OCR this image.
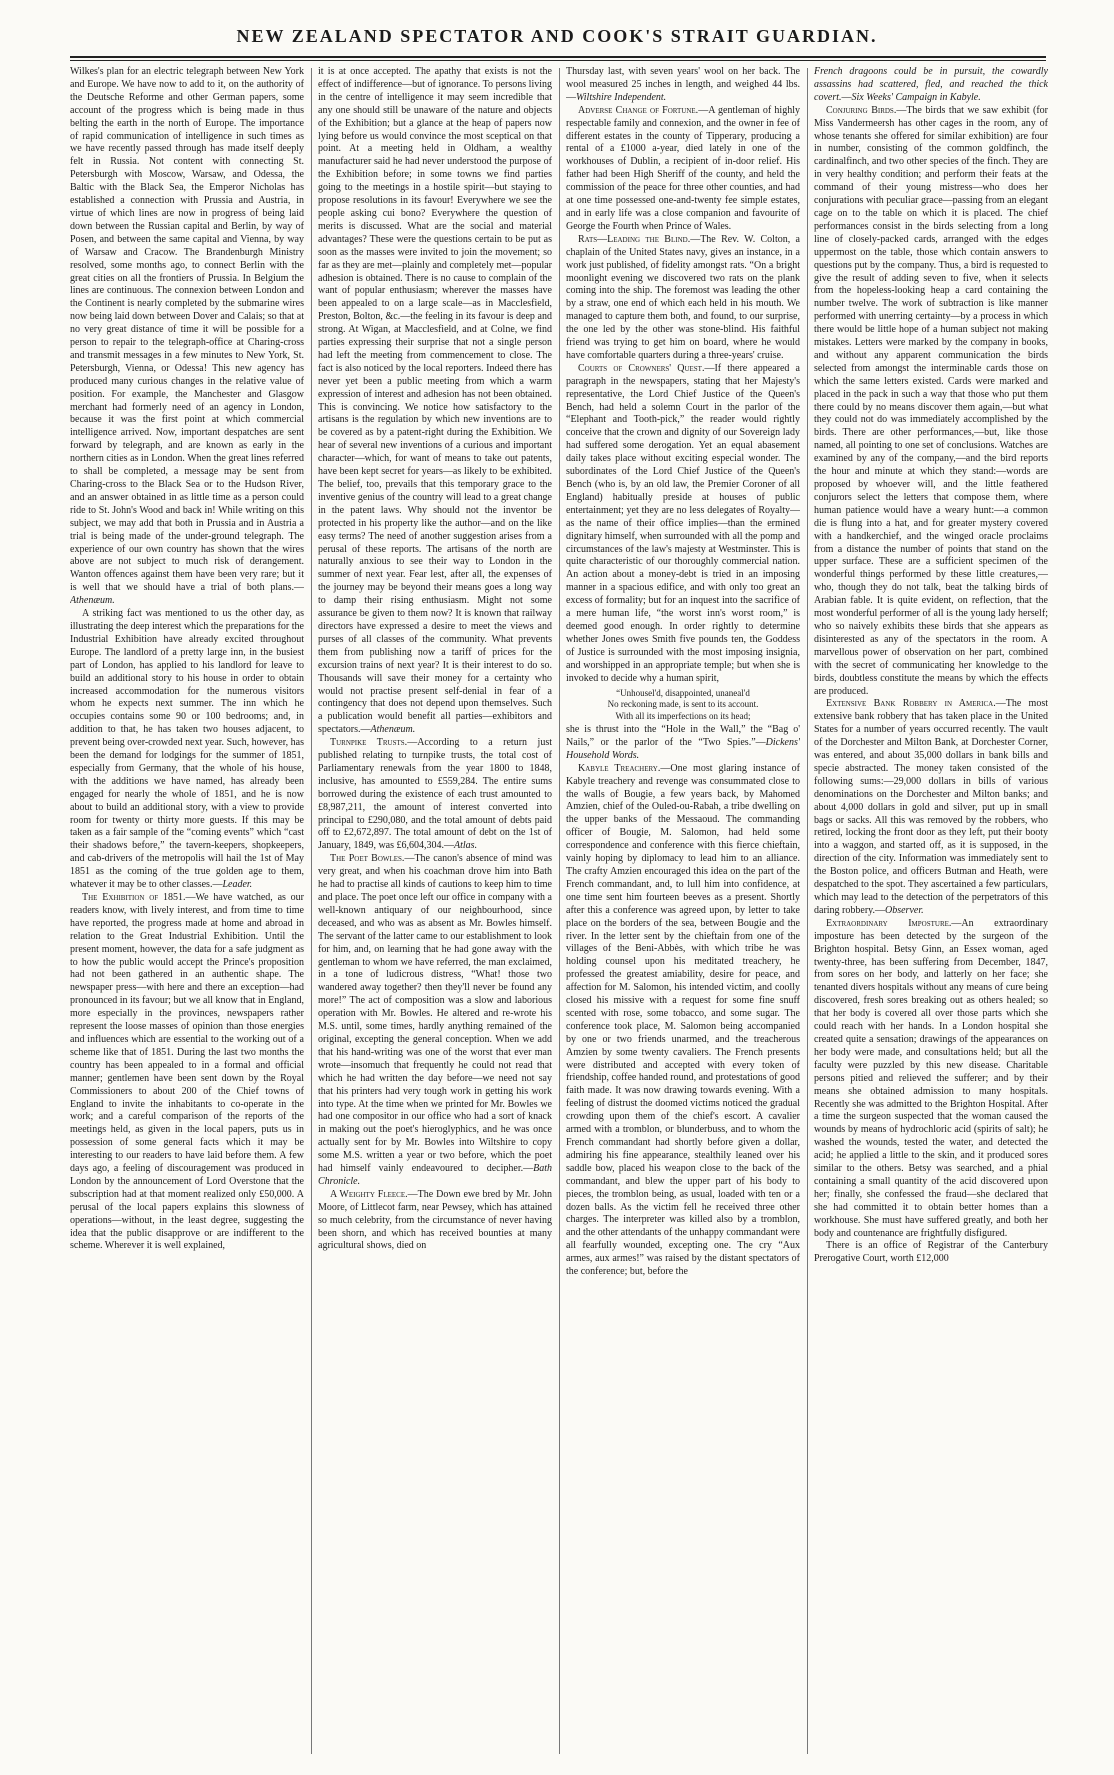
NEW ZEALAND SPECTATOR AND COOK'S STRAIT GUARDIAN.

Wilkes's plan for an electric telegraph between New York and Europe. We have now to add to it, on the authority of the Deutsche Reforme and other German papers, some account of the progress which is being made in thus belting the earth in the north of Europe. The importance of rapid communication of intelligence in such times as we have recently passed through has made itself deeply felt in Russia. Not content with connecting St. Petersburgh with Moscow, Warsaw, and Odessa, the Baltic with the Black Sea, the Emperor Nicholas has established a connection with Prussia and Austria, in virtue of which lines are now in progress of being laid down between the Russian capital and Berlin, by way of Posen, and between the same capital and Vienna, by way of Warsaw and Cracow. The Brandenburgh Ministry resolved, some months ago, to connect Berlin with the great cities on all the frontiers of Prussia. In Belgium the lines are continuous. The connexion between London and the Continent is nearly completed by the submarine wires now being laid down between Dover and Calais; so that at no very great distance of time it will be possible for a person to repair to the telegraph-office at Charing-cross and transmit messages in a few minutes to New York, St. Petersburgh, Vienna, or Odessa! This new agency has produced many curious changes in the relative value of position. For example, the Manchester and Glasgow merchant had formerly need of an agency in London, because it was the first point at which commercial intelligence arrived. Now, important despatches are sent forward by telegraph, and are known as early in the northern cities as in London. When the great lines referred to shall be completed, a message may be sent from Charing-cross to the Black Sea or to the Hudson River, and an answer obtained in as little time as a person could ride to St. John's Wood and back in! While writing on this subject, we may add that both in Prussia and in Austria a trial is being made of the under-ground telegraph. The experience of our own country has shown that the wires above are not subject to much risk of derangement. Wanton offences against them have been very rare; but it is well that we should have a trial of both plans.—Athenæum.

A striking fact was mentioned to us the other day, as illustrating the deep interest which the preparations for the Industrial Exhibition have already excited throughout Europe. The landlord of a pretty large inn, in the busiest part of London, has applied to his landlord for leave to build an additional story to his house in order to obtain increased accommodation for the numerous visitors whom he expects next summer. The inn which he occupies contains some 90 or 100 bedrooms; and, in addition to that, he has taken two houses adjacent, to prevent being over-crowded next year. Such, however, has been the demand for lodgings for the summer of 1851, especially from Germany, that the whole of his house, with the additions we have named, has already been engaged for nearly the whole of 1851, and he is now about to build an additional story, with a view to provide room for twenty or thirty more guests. If this may be taken as a fair sample of the “coming events” which “cast their shadows before,” the tavern-keepers, shopkeepers, and cab-drivers of the metropolis will hail the 1st of May 1851 as the coming of the true golden age to them, whatever it may be to other classes.—Leader.

The Exhibition of 1851.—We have watched, as our readers know, with lively interest, and from time to time have reported, the progress made at home and abroad in relation to the Great Industrial Exhibition. Until the present moment, however, the data for a safe judgment as to how the public would accept the Prince's proposition had not been gathered in an authentic shape. The newspaper press—with here and there an exception—had pronounced in its favour; but we all know that in England, more especially in the provinces, newspapers rather represent the loose masses of opinion than those energies and influences which are essential to the working out of a scheme like that of 1851. During the last two months the country has been appealed to in a formal and official manner; gentlemen have been sent down by the Royal Commissioners to about 200 of the Chief towns of England to invite the inhabitants to co-operate in the work; and a careful comparison of the reports of the meetings held, as given in the local papers, puts us in possession of some general facts which it may be interesting to our readers to have laid before them. A few days ago, a feeling of discouragement was produced in London by the announcement of Lord Overstone that the subscription had at that moment realized only £50,000. A perusal of the local papers explains this slowness of operations—without, in the least degree, suggesting the idea that the public disapprove or are indifferent to the scheme. Wherever it is well explained,

it is at once accepted. The apathy that exists is not the effect of indifference—but of ignorance. To persons living in the centre of intelligence it may seem incredible that any one should still be unaware of the nature and objects of the Exhibition; but a glance at the heap of papers now lying before us would convince the most sceptical on that point. At a meeting held in Oldham, a wealthy manufacturer said he had never understood the purpose of the Exhibition before; in some towns we find parties going to the meetings in a hostile spirit—but staying to propose resolutions in its favour! Everywhere we see the people asking cui bono? Everywhere the question of merits is discussed. What are the social and material advantages? These were the questions certain to be put as soon as the masses were invited to join the movement; so far as they are met—plainly and completely met—popular adhesion is obtained. There is no cause to complain of the want of popular enthusiasm; wherever the masses have been appealed to on a large scale—as in Macclesfield, Preston, Bolton, &c.—the feeling in its favour is deep and strong. At Wigan, at Macclesfield, and at Colne, we find parties expressing their surprise that not a single person had left the meeting from commencement to close. The fact is also noticed by the local reporters. Indeed there has never yet been a public meeting from which a warm expression of interest and adhesion has not been obtained. This is convincing. We notice how satisfactory to the artisans is the regulation by which new inventions are to be covered as by a patent-right during the Exhibition. We hear of several new inventions of a curious and important character—which, for want of means to take out patents, have been kept secret for years—as likely to be exhibited. The belief, too, prevails that this temporary grace to the inventive genius of the country will lead to a great change in the patent laws. Why should not the inventor be protected in his property like the author—and on the like easy terms? The need of another suggestion arises from a perusal of these reports. The artisans of the north are naturally anxious to see their way to London in the summer of next year. Fear lest, after all, the expenses of the journey may be beyond their means goes a long way to damp their rising enthusiasm. Might not some assurance be given to them now? It is known that railway directors have expressed a desire to meet the views and purses of all classes of the community. What prevents them from publishing now a tariff of prices for the excursion trains of next year? It is their interest to do so. Thousands will save their money for a certainty who would not practise present self-denial in fear of a contingency that does not depend upon themselves. Such a publication would benefit all parties—exhibitors and spectators.—Athenæum.

Turnpike Trusts.—According to a return just published relating to turnpike trusts, the total cost of Parliamentary renewals from the year 1800 to 1848, inclusive, has amounted to £559,284. The entire sums borrowed during the existence of each trust amounted to £8,987,211, the amount of interest converted into principal to £290,080, and the total amount of debts paid off to £2,672,897. The total amount of debt on the 1st of January, 1849, was £6,604,304.—Atlas.

The Poet Bowles.—The canon's absence of mind was very great, and when his coachman drove him into Bath he had to practise all kinds of cautions to keep him to time and place. The poet once left our office in company with a well-known antiquary of our neighbourhood, since deceased, and who was as absent as Mr. Bowles himself. The servant of the latter came to our establishment to look for him, and, on learning that he had gone away with the gentleman to whom we have referred, the man exclaimed, in a tone of ludicrous distress, “What! those two wandered away together? then they'll never be found any more!” The act of composition was a slow and laborious operation with Mr. Bowles. He altered and re-wrote his M.S. until, some times, hardly anything remained of the original, excepting the general conception. When we add that his hand-writing was one of the worst that ever man wrote—insomuch that frequently he could not read that which he had written the day before—we need not say that his printers had very tough work in getting his work into type. At the time when we printed for Mr. Bowles we had one compositor in our office who had a sort of knack in making out the poet's hieroglyphics, and he was once actually sent for by Mr. Bowles into Wiltshire to copy some M.S. written a year or two before, which the poet had himself vainly endeavoured to decipher.—Bath Chronicle.

A Weighty Fleece.—The Down ewe bred by Mr. John Moore, of Littlecot farm, near Pewsey, which has attained so much celebrity, from the circumstance of never having been shorn, and which has received bounties at many agricultural shows, died on

Thursday last, with seven years' wool on her back. The wool measured 25 inches in length, and weighed 44 lbs.—Wiltshire Independent.

Adverse Change of Fortune.—A gentleman of highly respectable family and connexion, and the owner in fee of different estates in the county of Tipperary, producing a rental of a £1000 a-year, died lately in one of the workhouses of Dublin, a recipient of in-door relief. His father had been High Sheriff of the county, and held the commission of the peace for three other counties, and had at one time possessed one-and-twenty fee simple estates, and in early life was a close companion and favourite of George the Fourth when Prince of Wales.

Rats—Leading the Blind.—The Rev. W. Colton, a chaplain of the United States navy, gives an instance, in a work just published, of fidelity amongst rats. “On a bright moonlight evening we discovered two rats on the plank coming into the ship. The foremost was leading the other by a straw, one end of which each held in his mouth. We managed to capture them both, and found, to our surprise, the one led by the other was stone-blind. His faithful friend was trying to get him on board, where he would have comfortable quarters during a three-years' cruise.

Courts of Crowners' Quest.—If there appeared a paragraph in the newspapers, stating that her Majesty's representative, the Lord Chief Justice of the Queen's Bench, had held a solemn Court in the parlor of the “Elephant and Tooth-pick,” the reader would rightly conceive that the crown and dignity of our Sovereign lady had suffered some derogation. Yet an equal abasement daily takes place without exciting especial wonder. The subordinates of the Lord Chief Justice of the Queen's Bench (who is, by an old law, the Premier Coroner of all England) habitually preside at houses of public entertainment; yet they are no less delegates of Royalty—as the name of their office implies—than the ermined dignitary himself, when surrounded with all the pomp and circumstances of the law's majesty at Westminster. This is quite characteristic of our thoroughly commercial nation. An action about a money-debt is tried in an imposing manner in a spacious edifice, and with only too great an excess of formality; but for an inquest into the sacrifice of a mere human life, “the worst inn's worst room,” is deemed good enough. In order rightly to determine whether Jones owes Smith five pounds ten, the Goddess of Justice is surrounded with the most imposing insignia, and worshipped in an appropriate temple; but when she is invoked to decide why a human spirit,

“Unhousel'd, disappointed, unaneal'd
No reckoning made, is sent to its account.
With all its imperfections on its head;

she is thrust into the “Hole in the Wall,” the “Bag o' Nails,” or the parlor of the “Two Spies.”—Dickens' Household Words.

Kabyle Treachery.—One most glaring instance of Kabyle treachery and revenge was consummated close to the walls of Bougie, a few years back, by Mahomed Amzien, chief of the Ouled-ou-Rabah, a tribe dwelling on the upper banks of the Messaoud. The commanding officer of Bougie, M. Salomon, had held some correspondence and conference with this fierce chieftain, vainly hoping by diplomacy to lead him to an alliance. The crafty Amzien encouraged this idea on the part of the French commandant, and, to lull him into confidence, at one time sent him fourteen beeves as a present. Shortly after this a conference was agreed upon, by letter to take place on the borders of the sea, between Bougie and the river. In the letter sent by the chieftain from one of the villages of the Beni-Abbès, with which tribe he was holding counsel upon his meditated treachery, he professed the greatest amiability, desire for peace, and affection for M. Salomon, his intended victim, and coolly closed his missive with a request for some fine snuff scented with rose, some tobacco, and some sugar. The conference took place, M. Salomon being accompanied by one or two friends unarmed, and the treacherous Amzien by some twenty cavaliers. The French presents were distributed and accepted with every token of friendship, coffee handed round, and protestations of good faith made. It was now drawing towards evening. With a feeling of distrust the doomed victims noticed the gradual crowding upon them of the chief's escort. A cavalier armed with a tromblon, or blunderbuss, and to whom the French commandant had shortly before given a dollar, admiring his fine appearance, stealthily leaned over his saddle bow, placed his weapon close to the back of the commandant, and blew the upper part of his body to pieces, the tromblon being, as usual, loaded with ten or a dozen balls. As the victim fell he received three other charges. The interpreter was killed also by a tromblon, and the other attendants of the unhappy commandant were all fearfully wounded, excepting one. The cry “Aux armes, aux armes!” was raised by the distant spectators of the conference; but, before the

French dragoons could be in pursuit, the cowardly assassins had scattered, fled, and reached the thick covert.—Six Weeks' Campaign in Kabyle.

Conjuring Birds.—The birds that we saw exhibit (for Miss Vandermeersh has other cages in the room, any of whose tenants she offered for similar exhibition) are four in number, consisting of the common goldfinch, the cardinalfinch, and two other species of the finch. They are in very healthy condition; and perform their feats at the command of their young mistress—who does her conjurations with peculiar grace—passing from an elegant cage on to the table on which it is placed. The chief performances consist in the birds selecting from a long line of closely-packed cards, arranged with the edges uppermost on the table, those which contain answers to questions put by the company. Thus, a bird is requested to give the result of adding seven to five, when it selects from the hopeless-looking heap a card containing the number twelve. The work of subtraction is like manner performed with unerring certainty—by a process in which there would be little hope of a human subject not making mistakes. Letters were marked by the company in books, and without any apparent communication the birds selected from amongst the interminable cards those on which the same letters existed. Cards were marked and placed in the pack in such a way that those who put them there could by no means discover them again,—but what they could not do was immediately accomplished by the birds. There are other performances,—but, like those named, all pointing to one set of conclusions. Watches are examined by any of the company,—and the bird reports the hour and minute at which they stand:—words are proposed by whoever will, and the little feathered conjurors select the letters that compose them, where human patience would have a weary hunt:—a common die is flung into a hat, and for greater mystery covered with a handkerchief, and the winged oracle proclaims from a distance the number of points that stand on the upper surface. These are a sufficient specimen of the wonderful things performed by these little creatures,—who, though they do not talk, beat the talking birds of Arabian fable. It is quite evident, on reflection, that the most wonderful performer of all is the young lady herself; who so naively exhibits these birds that she appears as disinterested as any of the spectators in the room. A marvellous power of observation on her part, combined with the secret of communicating her knowledge to the birds, doubtless constitute the means by which the effects are produced.

Extensive Bank Robbery in America.—The most extensive bank robbery that has taken place in the United States for a number of years occurred recently. The vault of the Dorchester and Milton Bank, at Dorchester Corner, was entered, and about 35,000 dollars in bank bills and specie abstracted. The money taken consisted of the following sums:—29,000 dollars in bills of various denominations on the Dorchester and Milton banks; and about 4,000 dollars in gold and silver, put up in small bags or sacks. All this was removed by the robbers, who retired, locking the front door as they left, put their booty into a waggon, and started off, as it is supposed, in the direction of the city. Information was immediately sent to the Boston police, and officers Butman and Heath, were despatched to the spot. They ascertained a few particulars, which may lead to the detection of the perpetrators of this daring robbery.—Observer.

Extraordinary Imposture.—An extraordinary imposture has been detected by the surgeon of the Brighton hospital. Betsy Ginn, an Essex woman, aged twenty-three, has been suffering from December, 1847, from sores on her body, and latterly on her face; she tenanted divers hospitals without any means of cure being discovered, fresh sores breaking out as others healed; so that her body is covered all over those parts which she could reach with her hands. In a London hospital she created quite a sensation; drawings of the appearances on her body were made, and consultations held; but all the faculty were puzzled by this new disease. Charitable persons pitied and relieved the sufferer; and by their means she obtained admission to many hospitals. Recently she was admitted to the Brighton Hospital. After a time the surgeon suspected that the woman caused the wounds by means of hydrochloric acid (spirits of salt); he washed the wounds, tested the water, and detected the acid; he applied a little to the skin, and it produced sores similar to the others. Betsy was searched, and a phial containing a small quantity of the acid discovered upon her; finally, she confessed the fraud—she declared that she had committed it to obtain better homes than a workhouse. She must have suffered greatly, and both her body and countenance are frightfully disfigured.

There is an office of Registrar of the Canterbury Prerogative Court, worth £12,000
